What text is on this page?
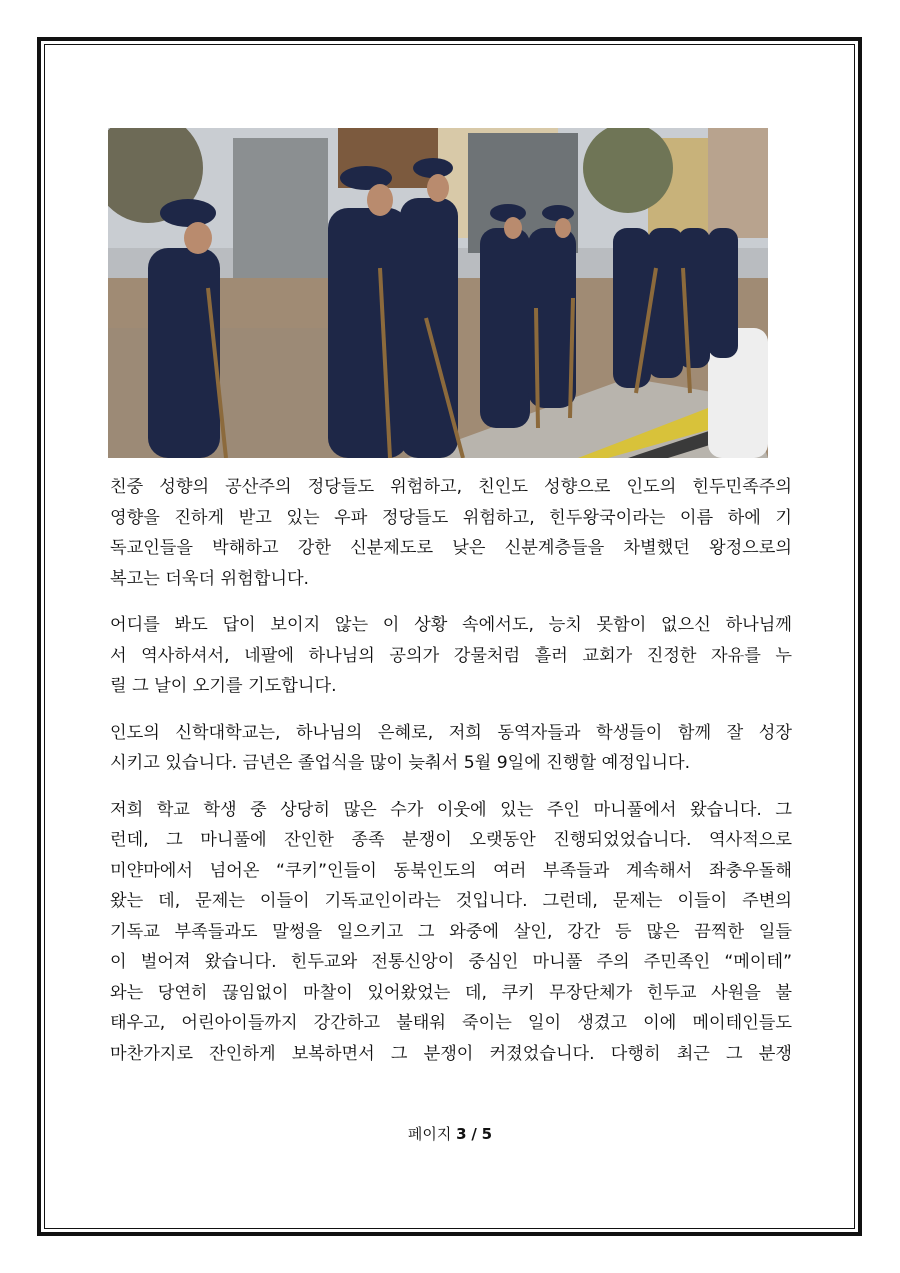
친중 성향의 공산주의 정당들도 위험하고, 친인도 성향으로 인도의 힌두민족주의
영향을 진하게 받고 있는 우파 정당들도 위험하고, 힌두왕국이라는 이름 하에 기
독교인들을 박해하고 강한 신분제도로 낮은 신분계층들을 차별했던 왕정으로의
복고는 더욱더 위험합니다.

어디를 봐도 답이 보이지 않는 이 상황 속에서도, 능치 못함이 없으신 하나님께
서 역사하셔서, 네팔에 하나님의 공의가 강물처럼 흘러 교회가 진정한 자유를 누
릴 그 날이 오기를 기도합니다.

인도의 신학대학교는, 하나님의 은혜로, 저희 동역자들과 학생들이 함께 잘 성장
시키고 있습니다. 금년은 졸업식을 많이 늦춰서 5월 9일에 진행할 예정입니다.

저희 학교 학생 중 상당히 많은 수가 이웃에 있는 주인 마니풀에서 왔습니다. 그
런데, 그 마니풀에 잔인한 종족 분쟁이 오랫동안 진행되었었습니다. 역사적으로
미얀마에서 넘어온 “쿠키”인들이 동북인도의 여러 부족들과 계속해서 좌충우돌해
왔는 데, 문제는 이들이 기독교인이라는 것입니다. 그런데, 문제는 이들이 주변의
기독교 부족들과도 말썽을 일으키고 그 와중에 살인, 강간 등 많은 끔찍한 일들
이 벌어져 왔습니다. 힌두교와 전통신앙이 중심인 마니풀 주의 주민족인 “메이테”
와는 당연히 끊임없이 마찰이 있어왔었는 데, 쿠키 무장단체가 힌두교 사원을 불
태우고, 어린아이들까지 강간하고 불태워 죽이는 일이 생겼고 이에 메이테인들도
마찬가지로 잔인하게 보복하면서 그 분쟁이 커졌었습니다. 다행히 최근 그 분쟁

페이지 3 / 5
